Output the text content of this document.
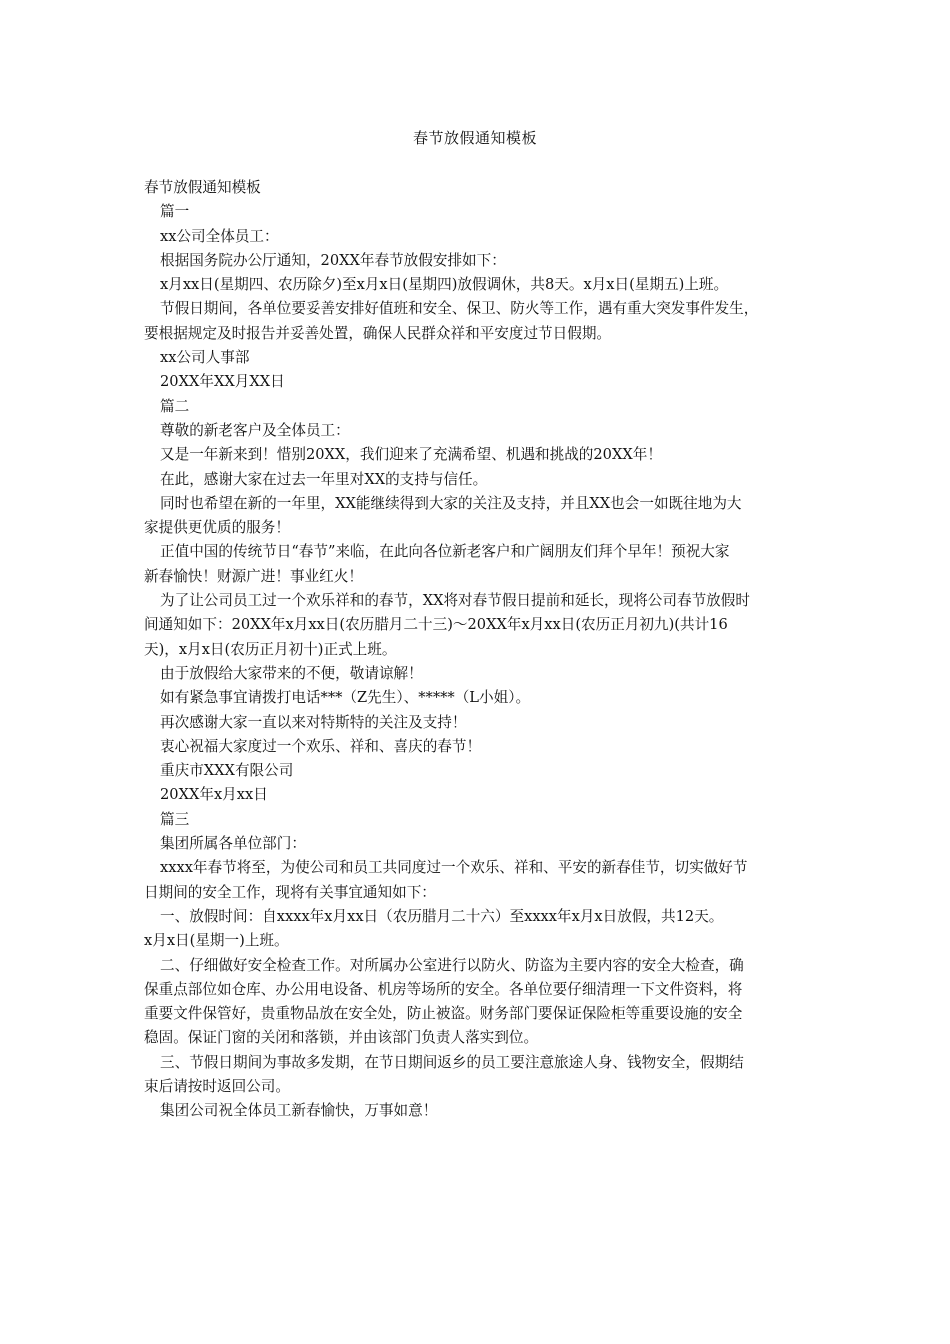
春节放假通知模板
春节放假通知模板
篇一
xx公司全体员工：
根据国务院办公厅通知，20XX年春节放假安排如下：
x月xx日(星期四、农历除夕)至x月x日(星期四)放假调休，共8天。x月x日(星期五)上班。
节假日期间，各单位要妥善安排好值班和安全、保卫、防火等工作，遇有重大突发事件发生，
要根据规定及时报告并妥善处置，确保人民群众祥和平安度过节日假期。
xx公司人事部
20XX年XX月XX日
篇二
尊敬的新老客户及全体员工：
又是一年新来到！惜别20XX，我们迎来了充满希望、机遇和挑战的20XX年！
在此，感谢大家在过去一年里对XX的支持与信任。
同时也希望在新的一年里，XX能继续得到大家的关注及支持，并且XX也会一如既往地为大
家提供更优质的服务！
正值中国的传统节日“春节”来临，在此向各位新老客户和广阔朋友们拜个早年！预祝大家
新春愉快！财源广进！事业红火！
为了让公司员工过一个欢乐祥和的春节，XX将对春节假日提前和延长，现将公司春节放假时
间通知如下：20XX年x月xx日(农历腊月二十三)～20XX年x月xx日(农历正月初九)(共计16
天)，x月x日(农历正月初十)正式上班。
由于放假给大家带来的不便，敬请谅解！
如有紧急事宜请拨打电话***（Z先生）、*****（L小姐）。
再次感谢大家一直以来对特斯特的关注及支持！
衷心祝福大家度过一个欢乐、祥和、喜庆的春节！
重庆市XXX有限公司
20XX年x月xx日
篇三
集团所属各单位部门：
xxxx年春节将至，为使公司和员工共同度过一个欢乐、祥和、平安的新春佳节，切实做好节
日期间的安全工作，现将有关事宜通知如下：
一、放假时间：自xxxx年x月xx日（农历腊月二十六）至xxxx年x月x日放假，共12天。
x月x日(星期一)上班。
二、仔细做好安全检查工作。对所属办公室进行以防火、防盗为主要内容的安全大检查，确
保重点部位如仓库、办公用电设备、机房等场所的安全。各单位要仔细清理一下文件资料，将
重要文件保管好，贵重物品放在安全处，防止被盗。财务部门要保证保险柜等重要设施的安全
稳固。保证门窗的关闭和落锁，并由该部门负责人落实到位。
三、节假日期间为事故多发期，在节日期间返乡的员工要注意旅途人身、钱物安全，假期结
束后请按时返回公司。
集团公司祝全体员工新春愉快，万事如意！
